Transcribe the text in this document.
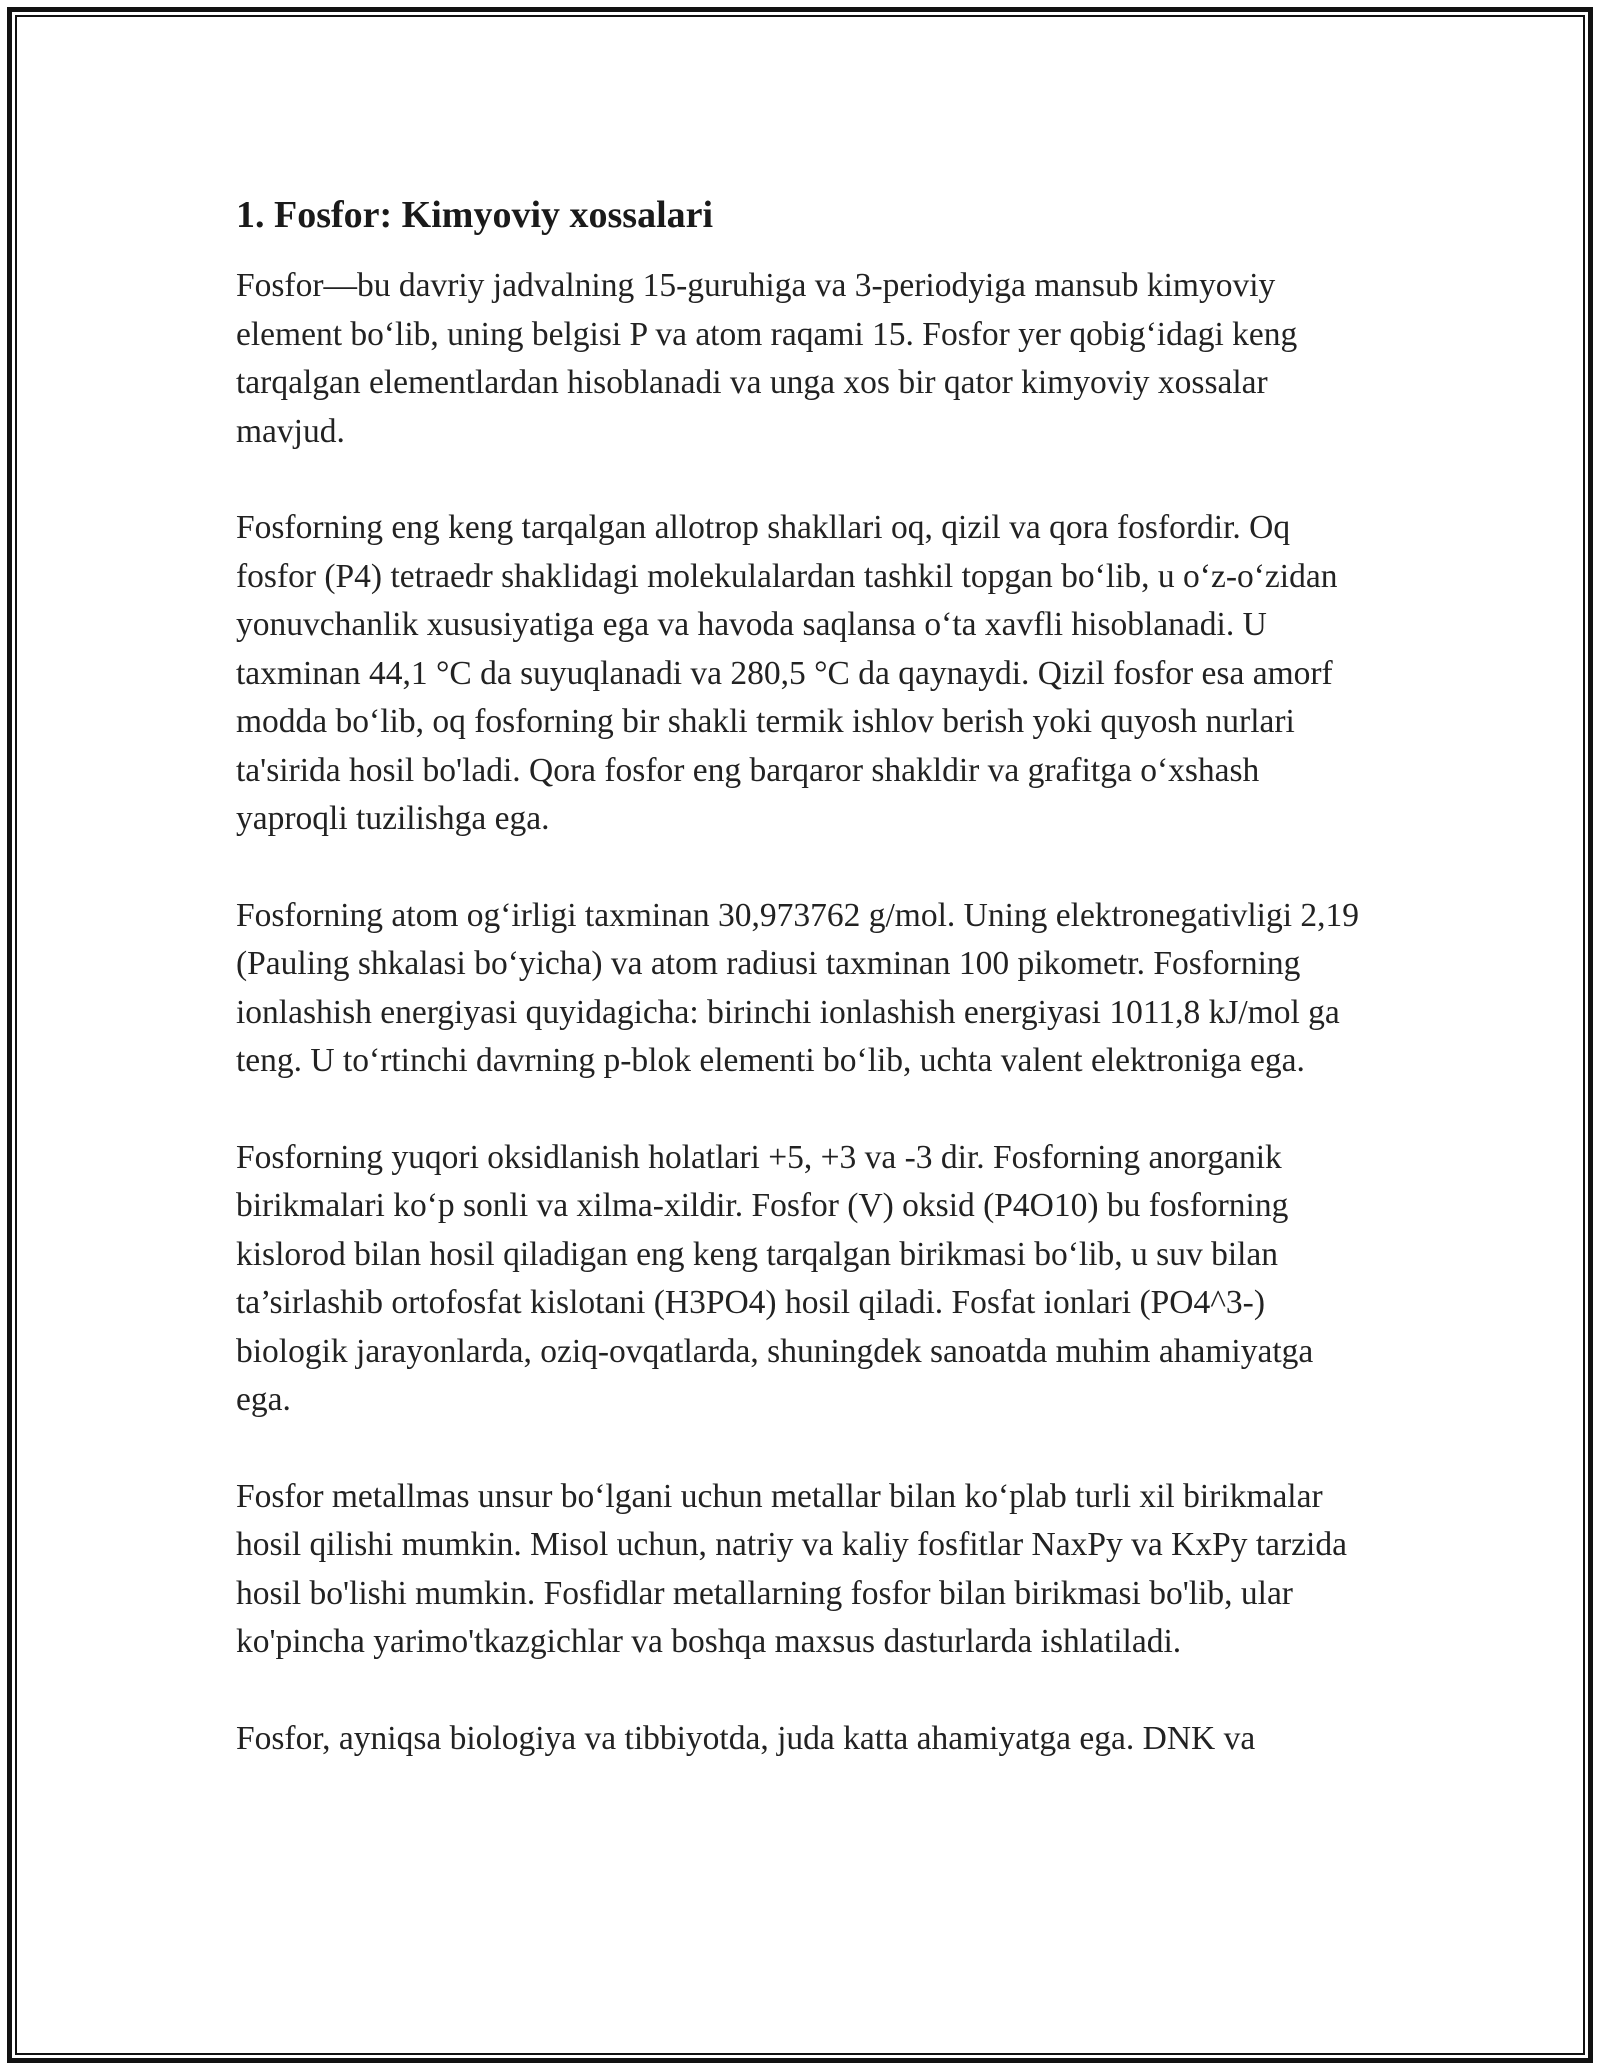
1. Fosfor: Kimyoviy xossalari

Fosfor—bu davriy jadvalning 15-guruhiga va 3-periodyiga mansub kimyoviy element bo‘lib, uning belgisi P va atom raqami 15. Fosfor yer qobig‘idagi keng tarqalgan elementlardan hisoblanadi va unga xos bir qator kimyoviy xossalar mavjud.

Fosforning eng keng tarqalgan allotrop shakllari oq, qizil va qora fosfordir. Oq fosfor (P4) tetraedr shaklidagi molekulalardan tashkil topgan bo‘lib, u o‘z-o‘zidan yonuvchanlik xususiyatiga ega va havoda saqlansa o‘ta xavfli hisoblanadi. U taxminan 44,1 °C da suyuqlanadi va 280,5 °C da qaynaydi. Qizil fosfor esa amorf modda bo‘lib, oq fosforning bir shakli termik ishlov berish yoki quyosh nurlari ta'sirida hosil bo'ladi. Qora fosfor eng barqaror shakldir va grafitga o‘xshash yaproqli tuzilishga ega.

Fosforning atom og‘irligi taxminan 30,973762 g/mol. Uning elektronegativligi 2,19 (Pauling shkalasi bo‘yicha) va atom radiusi taxminan 100 pikometr. Fosforning ionlashish energiyasi quyidagicha: birinchi ionlashish energiyasi 1011,8 kJ/mol ga teng. U to‘rtinchi davrning p-blok elementi bo‘lib, uchta valent elektroniga ega.

Fosforning yuqori oksidlanish holatlari +5, +3 va -3 dir. Fosforning anorganik birikmalari ko‘p sonli va xilma-xildir. Fosfor (V) oksid (P4O10) bu fosforning kislorod bilan hosil qiladigan eng keng tarqalgan birikmasi bo‘lib, u suv bilan ta’sirlashib ortofosfat kislotani (H3PO4) hosil qiladi. Fosfat ionlari (PO4^3-) biologik jarayonlarda, oziq-ovqatlarda, shuningdek sanoatda muhim ahamiyatga ega.

Fosfor metallmas unsur bo‘lgani uchun metallar bilan ko‘plab turli xil birikmalar hosil qilishi mumkin. Misol uchun, natriy va kaliy fosfitlar NaxPy va KxPy tarzida hosil bo'lishi mumkin. Fosfidlar metallarning fosfor bilan birikmasi bo'lib, ular ko'pincha yarimo'tkazgichlar va boshqa maxsus dasturlarda ishlatiladi.

Fosfor, ayniqsa biologiya va tibbiyotda, juda katta ahamiyatga ega. DNK va
